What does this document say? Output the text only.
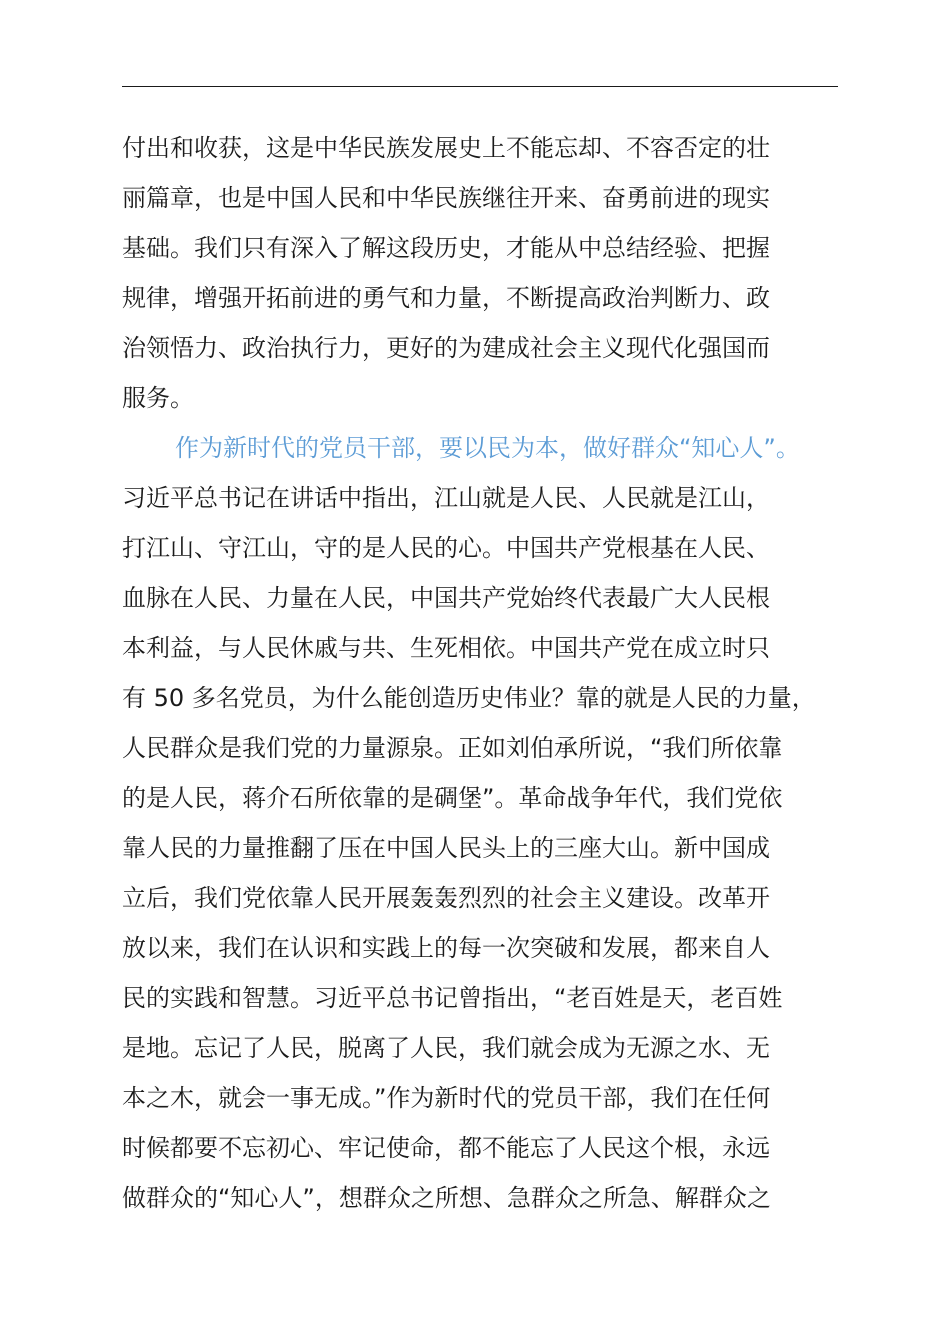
付出和收获，这是中华民族发展史上不能忘却、不容否定的壮
丽篇章，也是中国人民和中华民族继往开来、奋勇前进的现实
基础。我们只有深入了解这段历史，才能从中总结经验、把握
规律，增强开拓前进的勇气和力量，不断提高政治判断力、政
治领悟力、政治执行力，更好的为建成社会主义现代化强国而
服务。
作为新时代的党员干部，要以民为本，做好群众“知心人”。
习近平总书记在讲话中指出，江山就是人民、人民就是江山，
打江山、守江山，守的是人民的心。中国共产党根基在人民、
血脉在人民、力量在人民，中国共产党始终代表最广大人民根
本利益，与人民休戚与共、生死相依。中国共产党在成立时只
有 50 多名党员，为什么能创造历史伟业？靠的就是人民的力量，
人民群众是我们党的力量源泉。正如刘伯承所说，“我们所依靠
的是人民，蒋介石所依靠的是碉堡”。革命战争年代，我们党依
靠人民的力量推翻了压在中国人民头上的三座大山。新中国成
立后，我们党依靠人民开展轰轰烈烈的社会主义建设。改革开
放以来，我们在认识和实践上的每一次突破和发展，都来自人
民的实践和智慧。习近平总书记曾指出，“老百姓是天，老百姓
是地。忘记了人民，脱离了人民，我们就会成为无源之水、无
本之木，就会一事无成。”作为新时代的党员干部，我们在任何
时候都要不忘初心、牢记使命，都不能忘了人民这个根，永远
做群众的“知心人”，想群众之所想、急群众之所急、解群众之
